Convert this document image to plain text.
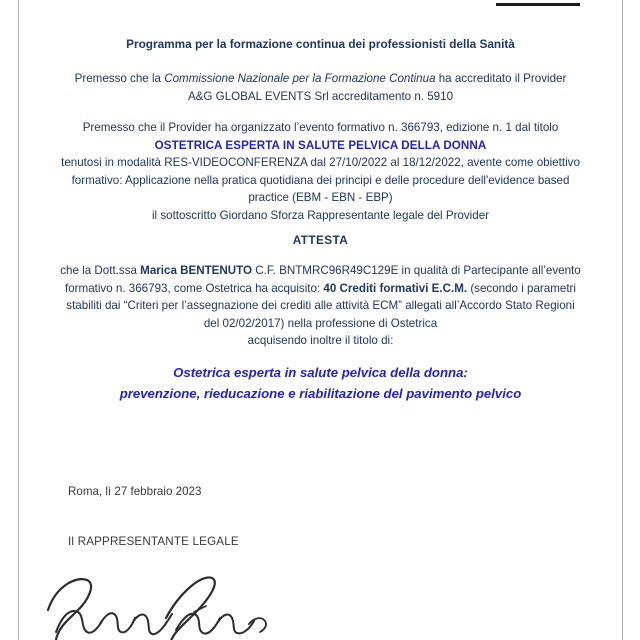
Programma per la formazione continua dei professionisti della Sanità
Premesso che la Commissione Nazionale per la Formazione Continua ha accreditato il Provider
A&G GLOBAL EVENTS Srl accreditamento n. 5910
Premesso che il Provider ha organizzato l’evento formativo n. 366793, edizione n. 1 dal titolo
OSTETRICA ESPERTA IN SALUTE PELVICA DELLA DONNA
tenutosi in modalità RES-VIDEOCONFERENZA dal 27/10/2022 al 18/12/2022, avente come obiettivo
formativo: Applicazione nella pratica quotidiana dei principi e delle procedure dell'evidence based
practice (EBM - EBN - EBP)
il sottoscritto Giordano Sforza Rappresentante legale del Provider
ATTESTA
che la Dott.ssa Marica BENTENUTO C.F. BNTMRC96R49C129E in qualità di Partecipante all’evento
formativo n. 366793, come Ostetrica ha acquisito: 40 Crediti formativi E.C.M. (secondo i parametri
stabiliti dai “Criteri per l’assegnazione dei crediti alle attività ECM” allegati all’Accordo Stato Regioni
del 02/02/2017) nella professione di Ostetrica
acquisendo inoltre il titolo di:
Ostetrica esperta in salute pelvica della donna:
prevenzione, rieducazione e riabilitazione del pavimento pelvico
Roma, lì 27 febbraio 2023
Il RAPPRESENTANTE LEGALE
